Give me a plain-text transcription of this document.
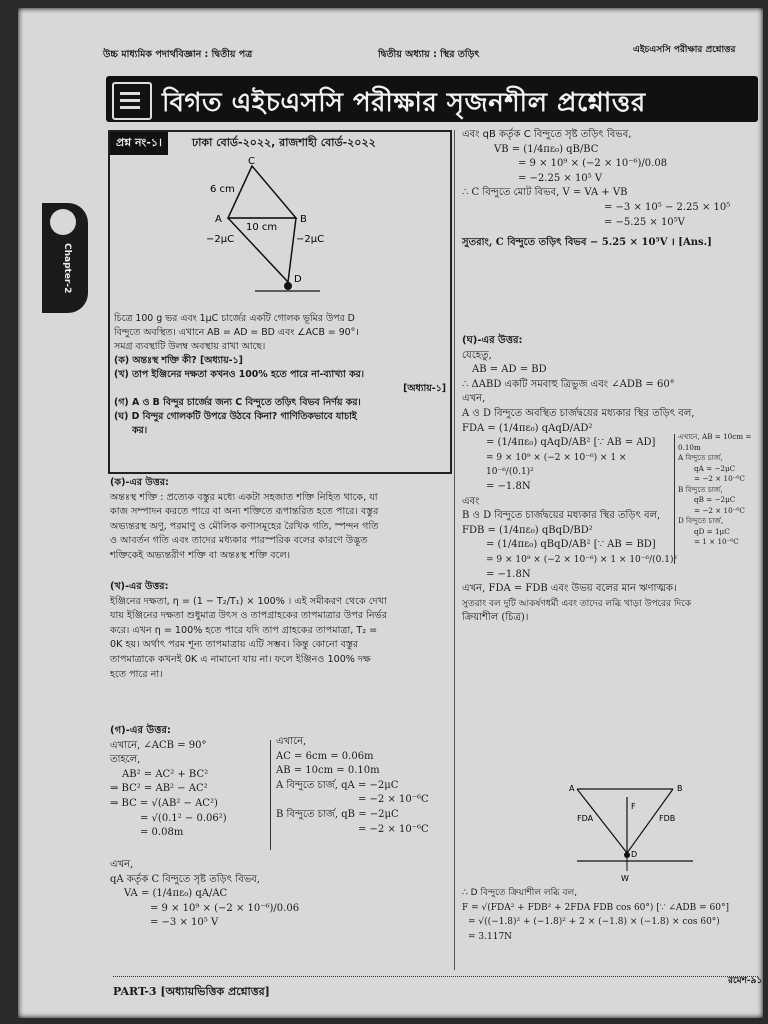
উচ্চ মাধ্যমিক পদার্থবিজ্ঞান : দ্বিতীয় পত্র	দ্বিতীয় অধ্যায় : স্থির তড়িৎ	এইচএসসি পরীক্ষার প্রশ্নোত্তর
বিগত এইচএসসি পরীক্ষার সৃজনশীল প্রশ্নোত্তর
Chapter-2
প্রশ্ন নং-১।	ঢাকা বোর্ড-২০২২, রাজশাহী বোর্ড-২০২২
C
A	B
D
6 cm
10 cm
−2μC	−2μC

চিত্রে 100 g ভর এবং 1μC চার্জের একটি গোলক ভূমির উপর D

বিন্দুতে অবস্থিত। এখানে AB = AD = BD এবং ∠ACB = 90°।

সমগ্র ব্যবস্থাটি উলম্ব অবস্থায় রাখা আছে।

(ক) অন্তঃস্থ শক্তি কী? [অধ্যায়-১]

(খ) তাপ ইঞ্জিনের দক্ষতা কখনও 100% হতে পারে না-ব্যাখ্যা কর।

[অধ্যায়-১]

(গ) A ও B বিন্দুর চার্জের জন্য C বিন্দুতে তড়িৎ বিভব নির্ণয় কর।

(ঘ) D বিন্দুর গোলকটি উপরে উঠবে কিনা? গাণিতিকভাবে যাচাই

কর।

(ক)-এর উত্তর:

অন্তঃস্থ শক্তি : প্রত্যেক বস্তুর মধ্যে একটা সহজাত শক্তি নিহিত থাকে, যা

কাজ সম্পাদন করতে পারে বা অন্য শক্তিতে রূপান্তরিত হতে পারে। বস্তুর

অভ্যন্তরস্থ অণু, পরমাণু ও মৌলিক কণাসমূহের রৈখিক গতি, স্পন্দন গতি

ও আবর্তন গতি এবং তাদের মধ্যকার পারস্পরিক বলের কারণে উদ্ভূত

শক্তিকেই অভ্যন্তরীণ শক্তি বা অন্তঃস্থ শক্তি বলে।

(খ)-এর উত্তর:

ইঞ্জিনের দক্ষতা, η = (1 − T₂/T₁) × 100% । এই সমীকরণ থেকে দেখা

যায় ইঞ্জিনের দক্ষতা শুধুমাত্র উৎস ও তাপগ্রাহকের তাপমাত্রার উপর নির্ভর

করে। এখন η = 100% হতে পারে যদি তাপ গ্রাহকের তাপমাত্রা, T₂ =

0K হয়। অর্থাৎ পরম শূন্য তাপমাত্রায় এটি সম্ভব। কিন্তু কোনো বস্তুর

তাপমাত্রাকে কখনই 0K এ নামানো যায় না। ফলে ইঞ্জিনও 100% দক্ষ

হতে পারে না।

(গ)-এর উত্তর:

এখানে, ∠ACB = 90°

তাহলে,

AB² = AC² + BC²

⇒ BC² = AB² − AC²

⇒ BC = √(AB² − AC²)

= √(0.1² − 0.06²)

= 0.08m

এখানে,

AC = 6cm = 0.06m

AB = 10cm = 0.10m

A বিন্দুতে চার্জ, qA = −2μC

= −2 × 10⁻⁶C

B বিন্দুতে চার্জ, qB = −2μC

= −2 × 10⁻⁶C

এখন,

qA কর্তৃক C বিন্দুতে সৃষ্ট তড়িৎ বিভব,

VA = (1/4πε₀) qA/AC

= 9 × 10⁹ × (−2 × 10⁻⁶)/0.06

= −3 × 10⁵ V

এবং qB কর্তৃক C বিন্দুতে সৃষ্ট তড়িৎ বিভব,

VB = (1/4πε₀) qB/BC

= 9 × 10⁹ × (−2 × 10⁻⁶)/0.08

= −2.25 × 10⁵ V

∴ C বিন্দুতে মোট বিভব, V = VA + VB

= −3 × 10⁵ − 2.25 × 10⁵

= −5.25 × 10⁵V

সুতরাং, C বিন্দুতে তড়িৎ বিভব − 5.25 × 10⁵V । [Ans.]

(ঘ)-এর উত্তর:

যেহেতু,

AB = AD = BD

∴ ΔABD একটি সমবাহু ত্রিভুজ এবং ∠ADB = 60°

এখন,

A ও D বিন্দুতে অবস্থিত চার্জদ্বয়ের মধ্যকার স্থির তড়িৎ বল,

FDA = (1/4πε₀) qAqD/AD²

= (1/4πε₀) qAqD/AB² [∵ AB = AD]

= 9 × 10⁹ × (−2 × 10⁻⁶) × 1 × 10⁻⁶/(0.1)²

= −1.8N

এবং

B ও D বিন্দুতে চার্জদ্বয়ের মধ্যকার স্থির তড়িৎ বল,

FDB = (1/4πε₀) qBqD/BD²

= (1/4πε₀) qBqD/AB² [∵ AB = BD]

= 9 × 10⁹ × (−2 × 10⁻⁶) × 1 × 10⁻⁶/(0.1)²

= −1.8N

এখন, FDA = FDB এবং উভয় বলের মান ঋণাত্মক।

সুতরাং বল দুটি আকর্ষণধর্মী এবং তাদের লব্ধি খাড়া উপরের দিকে

ক্রিয়াশীল (চিত্র)।

এখানে, AB = 10cm = 0.10m

A বিন্দুতে চার্জ,

qA = −2μC

= −2 × 10⁻⁶C

B বিন্দুতে চার্জ,

qB = −2μC

= −2 × 10⁻⁶C

D বিন্দুতে চার্জ,

qD = 1μC

= 1 × 10⁻⁶C

A	B
F
FDA	FDB
D
W

∴ D বিন্দুতে ক্রিয়াশীল লব্ধি বল,

F = √(FDA² + FDB² + 2FDA FDB cos 60°) [∵ ∠ADB = 60°]

= √((−1.8)² + (−1.8)² + 2 × (−1.8) × (−1.8) × cos 60°)

= 3.117N

PART-3 [অধ্যায়ভিত্তিক প্রশ্নোত্তর]
রমেশ-৯১
